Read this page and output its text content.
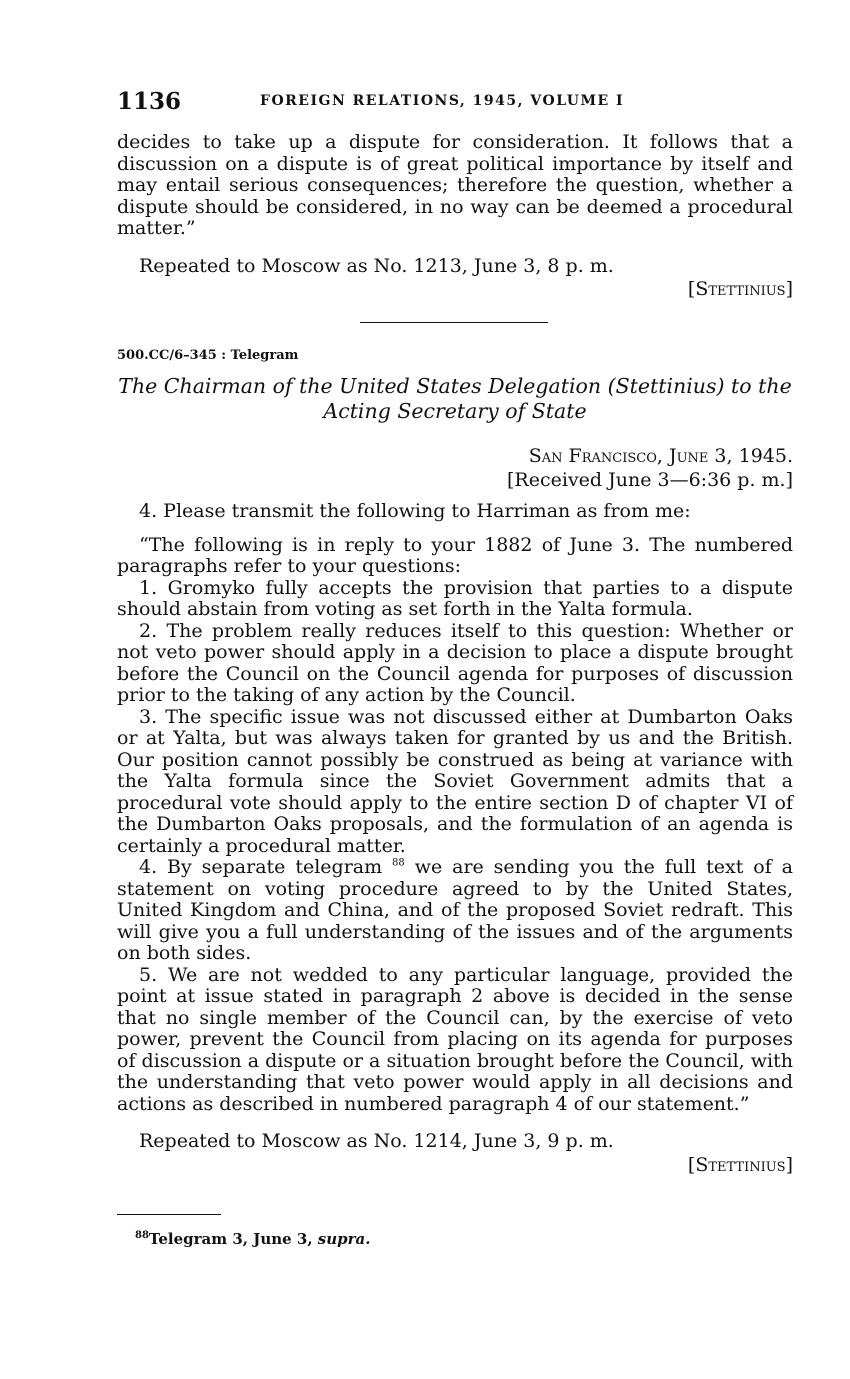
1136	FOREIGN RELATIONS, 1945, VOLUME I

decides to take up a dispute for consideration. It follows that a discussion on a dispute is of great political importance by itself and may entail serious consequences; therefore the question, whether a dispute should be considered, in no way can be deemed a procedural matter.”

Repeated to Moscow as No. 1213, June 3, 8 p. m.

[Stettinius]

500.CC/6–345 : Telegram
The Chairman of the United States Delegation (Stettinius) to the
Acting Secretary of State
San Francisco, June 3, 1945.
[Received June 3—6:36 p. m.]

4. Please transmit the following to Harriman as from me:

“The following is in reply to your 1882 of June 3. The numbered paragraphs refer to your questions:

1. Gromyko fully accepts the provision that parties to a dispute should abstain from voting as set forth in the Yalta formula.

2. The problem really reduces itself to this question: Whether or not veto power should apply in a decision to place a dispute brought before the Council on the Council agenda for purposes of discussion prior to the taking of any action by the Council.

3. The specific issue was not discussed either at Dumbarton Oaks or at Yalta, but was always taken for granted by us and the British. Our position cannot possibly be construed as being at variance with the Yalta formula since the Soviet Government admits that a procedural vote should apply to the entire section D of chapter VI of the Dumbarton Oaks proposals, and the formulation of an agenda is certainly a procedural matter.

4. By separate telegram $^{88}$ we are sending you the full text of a statement on voting procedure agreed to by the United States, United Kingdom and China, and of the proposed Soviet redraft. This will give you a full understanding of the issues and of the arguments on both sides.

5. We are not wedded to any particular language, provided the point at issue stated in paragraph 2 above is decided in the sense that no single member of the Council can, by the exercise of veto power, prevent the Council from placing on its agenda for purposes of discussion a dispute or a situation brought before the Council, with the understanding that veto power would apply in all decisions and actions as described in numbered paragraph 4 of our statement.”

Repeated to Moscow as No. 1214, June 3, 9 p. m.

[Stettinius]

$^{88}$Telegram 3, June 3, supra.
